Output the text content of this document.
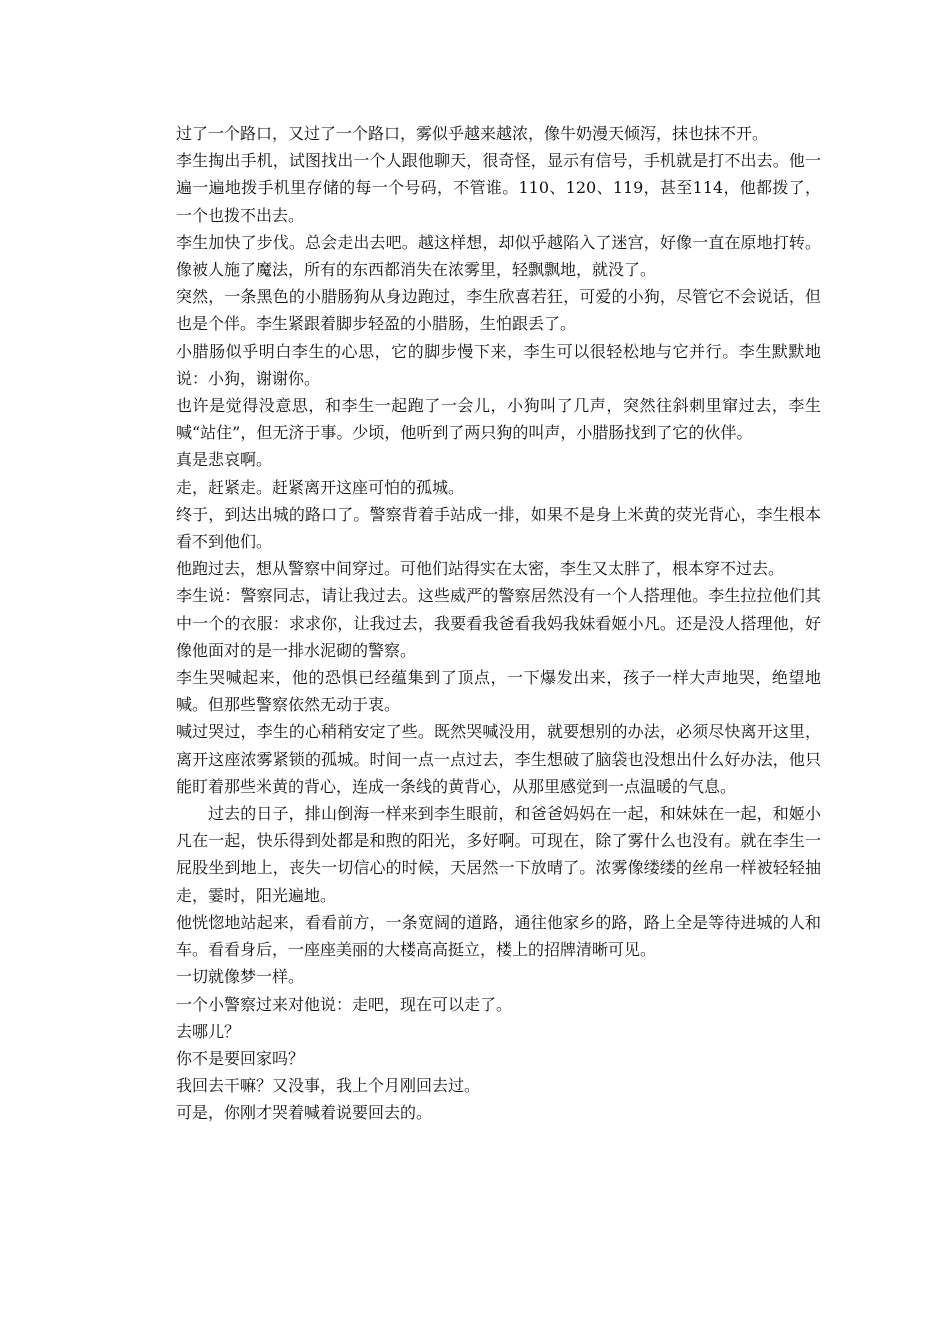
过了一个路口，又过了一个路口，雾似乎越来越浓，像牛奶漫天倾泻，抹也抹不开。

李生掏出手机，试图找出一个人跟他聊天，很奇怪，显示有信号，手机就是打不出去。他一遍一遍地拨手机里存储的每一个号码，不管谁。110、120、119，甚至114，他都拨了，一个也拨不出去。

李生加快了步伐。总会走出去吧。越这样想，却似乎越陷入了迷宫，好像一直在原地打转。像被人施了魔法，所有的东西都消失在浓雾里，轻飘飘地，就没了。

突然，一条黑色的小腊肠狗从身边跑过，李生欣喜若狂，可爱的小狗，尽管它不会说话，但也是个伴。李生紧跟着脚步轻盈的小腊肠，生怕跟丢了。

小腊肠似乎明白李生的心思，它的脚步慢下来，李生可以很轻松地与它并行。李生默默地说：小狗，谢谢你。

也许是觉得没意思，和李生一起跑了一会儿，小狗叫了几声，突然往斜刺里窜过去，李生喊“站住”，但无济于事。少顷，他听到了两只狗的叫声，小腊肠找到了它的伙伴。

真是悲哀啊。

走，赶紧走。赶紧离开这座可怕的孤城。

终于，到达出城的路口了。警察背着手站成一排，如果不是身上米黄的荧光背心，李生根本看不到他们。

他跑过去，想从警察中间穿过。可他们站得实在太密，李生又太胖了，根本穿不过去。

李生说：警察同志，请让我过去。这些威严的警察居然没有一个人搭理他。李生拉拉他们其中一个的衣服：求求你，让我过去，我要看我爸看我妈我妹看姬小凡。还是没人搭理他，好像他面对的是一排水泥砌的警察。

李生哭喊起来，他的恐惧已经蕴集到了顶点，一下爆发出来，孩子一样大声地哭，绝望地喊。但那些警察依然无动于衷。

喊过哭过，李生的心稍稍安定了些。既然哭喊没用，就要想别的办法，必须尽快离开这里，离开这座浓雾紧锁的孤城。时间一点一点过去，李生想破了脑袋也没想出什么好办法，他只能盯着那些米黄的背心，连成一条线的黄背心，从那里感觉到一点温暖的气息。

过去的日子，排山倒海一样来到李生眼前，和爸爸妈妈在一起，和妹妹在一起，和姬小凡在一起，快乐得到处都是和煦的阳光，多好啊。可现在，除了雾什么也没有。就在李生一屁股坐到地上，丧失一切信心的时候，天居然一下放晴了。浓雾像缕缕的丝帛一样被轻轻抽走，霎时，阳光遍地。

他恍惚地站起来，看看前方，一条宽阔的道路，通往他家乡的路，路上全是等待进城的人和车。看看身后，一座座美丽的大楼高高挺立，楼上的招牌清晰可见。

一切就像梦一样。

一个小警察过来对他说：走吧，现在可以走了。

去哪儿？

你不是要回家吗？

我回去干嘛？又没事，我上个月刚回去过。

可是，你刚才哭着喊着说要回去的。
